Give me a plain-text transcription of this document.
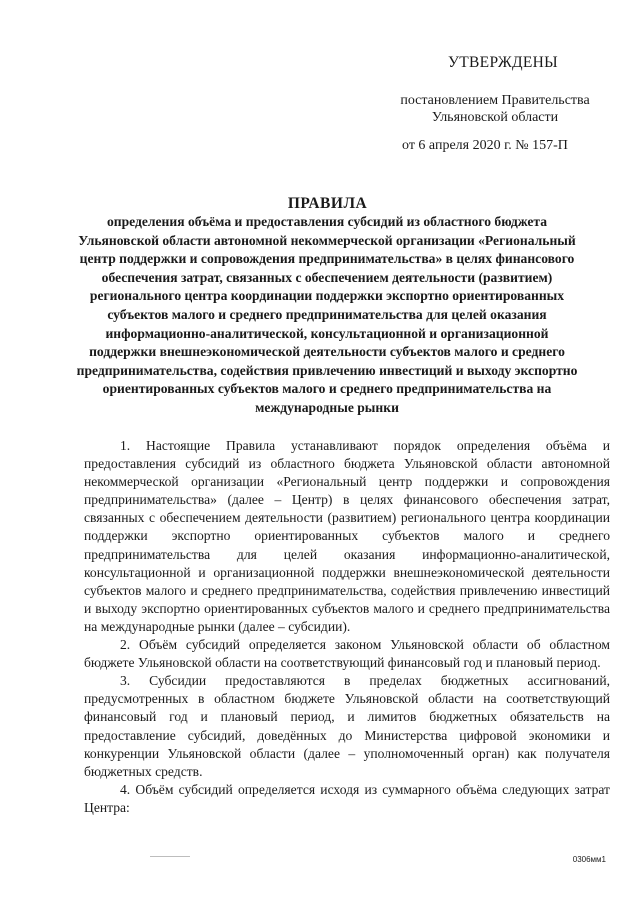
УТВЕРЖДЕНЫ
постановлением Правительства
Ульяновской области
от 6 апреля 2020 г. № 157-П
ПРАВИЛА
определения объёма и предоставления субсидий из областного бюджета Ульяновской области автономной некоммерческой организации «Региональный центр поддержки и сопровождения предпринимательства» в целях финансового обеспечения затрат, связанных с обеспечением деятельности (развитием) регионального центра координации поддержки экспортно ориентированных субъектов малого и среднего предпринимательства для целей оказания информационно-аналитической, консультационной и организационной поддержки внешнеэкономической деятельности субъектов малого и среднего предпринимательства, содействия привлечению инвестиций и выходу экспортно ориентированных субъектов малого и среднего предпринимательства на международные рынки

1. Настоящие Правила устанавливают порядок определения объёма и предоставления субсидий из областного бюджета Ульяновской области автономной некоммерческой организации «Региональный центр поддержки и сопровождения предпринимательства» (далее – Центр) в целях финансового обеспечения затрат, связанных с обеспечением деятельности (развитием) регионального центра координации поддержки экспортно ориентированных субъектов малого и среднего предпринимательства для целей оказания информационно-аналитической, консультационной и организационной поддержки внешнеэкономической деятельности субъектов малого и среднего предпринимательства, содействия привлечению инвестиций и выходу экспортно ориентированных субъектов малого и среднего предпринимательства на международные рынки (далее – субсидии).

2. Объём субсидий определяется законом Ульяновской области об областном бюджете Ульяновской области на соответствующий финансовый год и плановый период.

3. Субсидии предоставляются в пределах бюджетных ассигнований, предусмотренных в областном бюджете Ульяновской области на соответствующий финансовый год и плановый период, и лимитов бюджетных обязательств на предоставление субсидий, доведённых до Министерства цифровой экономики и конкуренции Ульяновской области (далее – уполномоченный орган) как получателя бюджетных средств.

4. Объём субсидий определяется исходя из суммарного объёма следующих затрат Центра:

0306мм1
